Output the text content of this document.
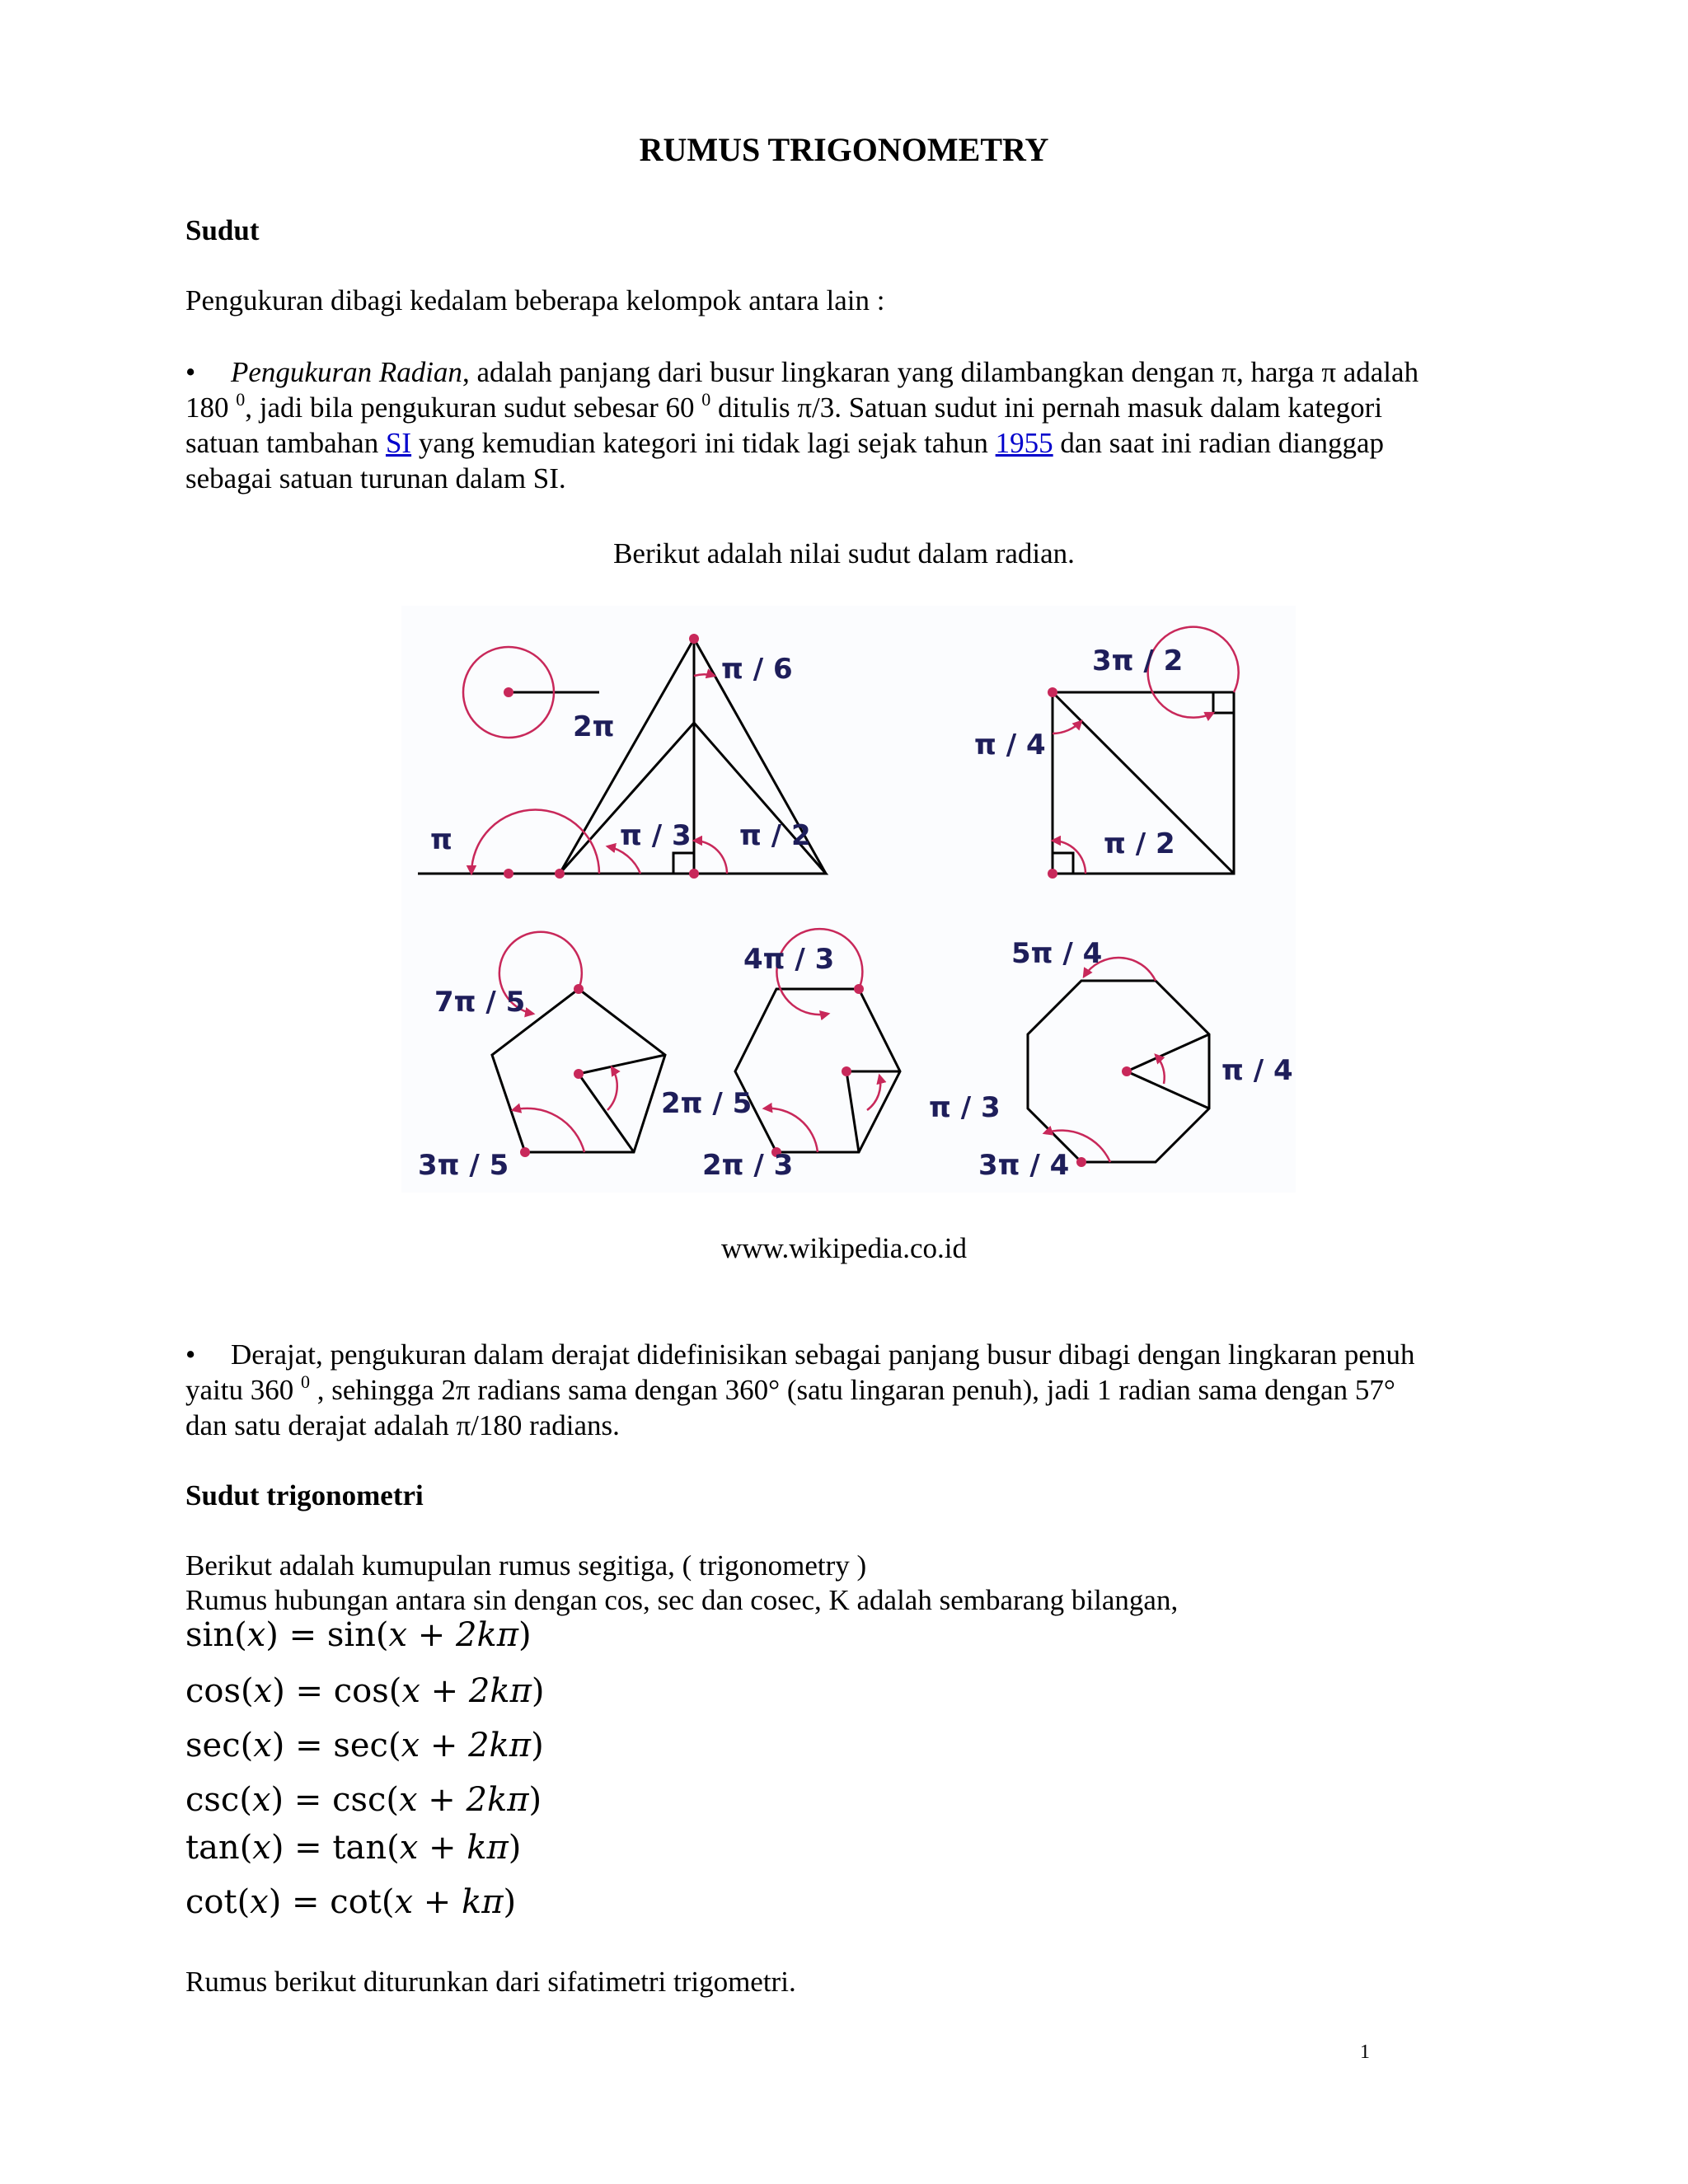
RUMUS TRIGONOMETRY
Sudut
Pengukuran dibagi kedalam beberapa kelompok antara lain :
•	Pengukuran Radian, adalah panjang dari busur lingkaran yang dilambangkan dengan π, harga π adalah
180 $^0$, jadi bila pengukuran sudut sebesar 60 $^0$ ditulis π/3. Satuan sudut ini pernah masuk dalam kategori
satuan tambahan SI yang kemudian kategori ini tidak lagi sejak tahun 1955 dan saat ini radian dianggap
sebagai satuan turunan dalam SI.
Berikut adalah nilai sudut dalam radian.
2π
π
π / 6
π / 3 π / 2
3π / 2
π / 4
π / 2
7π / 5
2π / 5
3π / 5
4π / 3
π / 3
2π / 3
5π / 4
π / 4
3π / 4
www.wikipedia.co.id
•	Derajat, pengukuran dalam derajat didefinisikan sebagai panjang busur dibagi dengan lingkaran penuh
yaitu 360 $^0$ , sehingga 2π radians sama dengan 360° (satu lingaran penuh), jadi 1 radian sama dengan 57°
dan satu derajat adalah π/180 radians.
Sudut trigonometri
Berikut adalah kumupulan rumus segitiga, ( trigonometry )
Rumus hubungan antara sin dengan cos, sec dan cosec, K adalah sembarang bilangan,
sin(x) = sin(x + 2kπ)
cos(x) = cos(x + 2kπ)
sec(x) = sec(x + 2kπ)
csc(x) = csc(x + 2kπ)
tan(x) = tan(x + kπ)
cot(x) = cot(x + kπ)
Rumus berikut diturunkan dari sifatimetri trigometri.
1
